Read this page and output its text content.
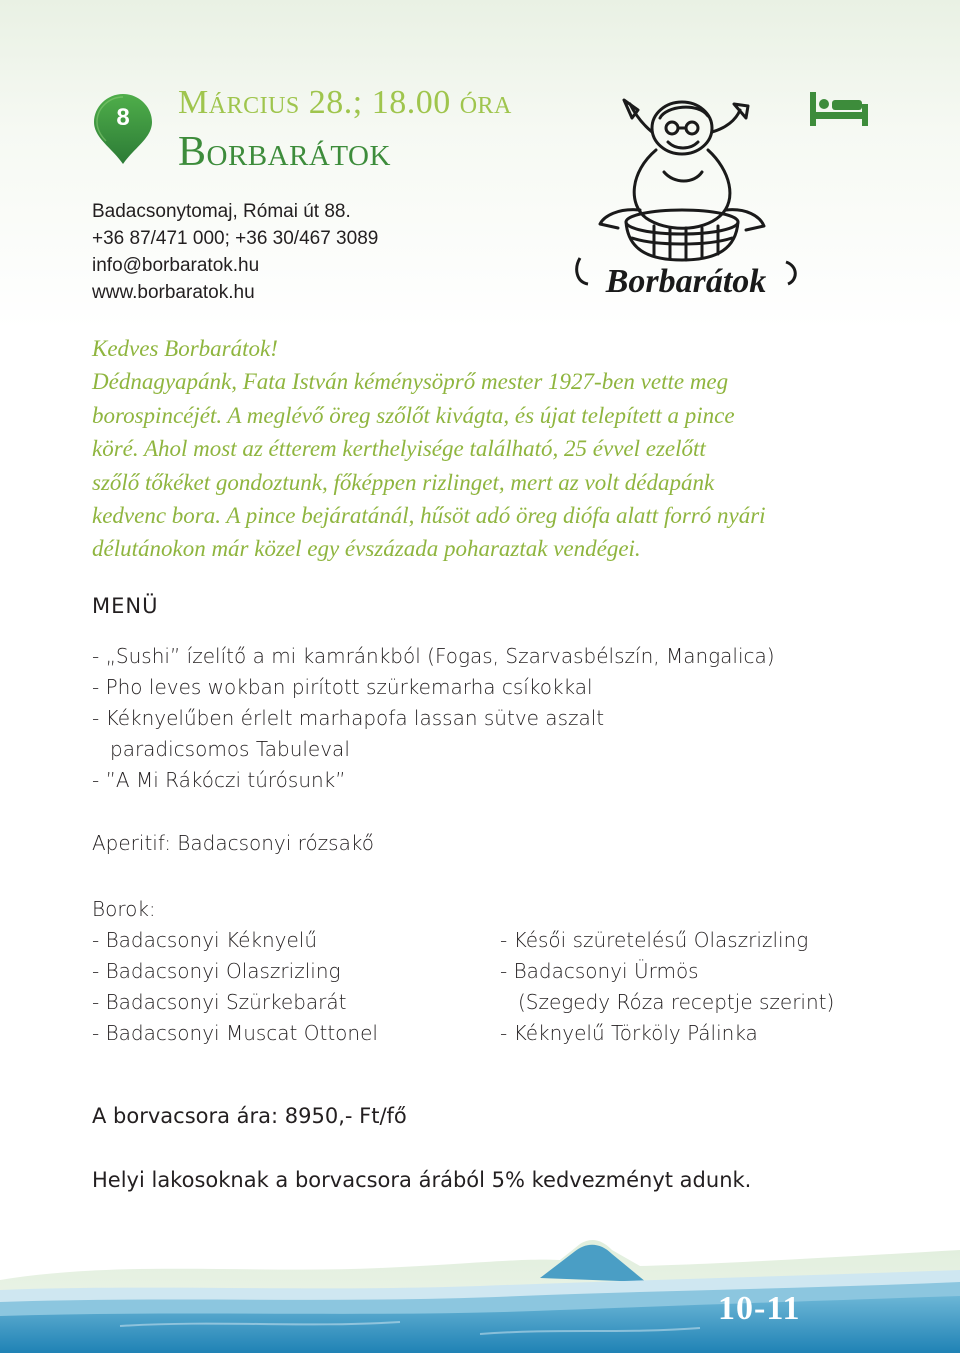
8	Március 28.; 18.00 óra
Borbarátok
Badacsonytomaj, Római út 88.
+36 87/471 000; +36 30/467 3089
info@borbaratok.hu
www.borbaratok.hu	Borbarátok

Kedves Borbarátok!

Dédnagyapánk, Fata István kéménysöprő mester 1927-ben vette meg

borospincéjét. A meglévő öreg szőlőt kivágta, és újat telepített a pince

köré. Ahol most az étterem kerthelyisége található, 25 évvel ezelőtt

szőlő tőkéket gondoztunk, főképpen rizlinget, mert az volt dédapánk

kedvenc bora. A pince bejáratánál, hűsöt adó öreg diófa alatt forró nyári

délutánokon már közel egy évszázada poharaztak vendégei.

MENÜ
- „Sushi” ízelítő a mi kamránkból (Fogas, Szarvasbélszín, Mangalica)
- Pho leves wokban pirított szürkemarha csíkokkal
- Kéknyelűben érlelt marhapofa lassan sütve aszalt
paradicsomos Tabuleval
- ”A Mi Rákóczi túrósunk”
Aperitif: Badacsonyi rózsakő
Borok:
- Badacsonyi Kéknyelű
- Badacsonyi Olaszrizling
- Badacsonyi Szürkebarát
- Badacsonyi Muscat Ottonel
- Késői szüretelésű Olaszrizling
- Badacsonyi Ürmös
(Szegedy Róza receptje szerint)
- Kéknyelű Törköly Pálinka
A borvacsora ára: 8950,- Ft/fő
Helyi lakosoknak a borvacsora árából 5% kedvezményt adunk.
10-11
